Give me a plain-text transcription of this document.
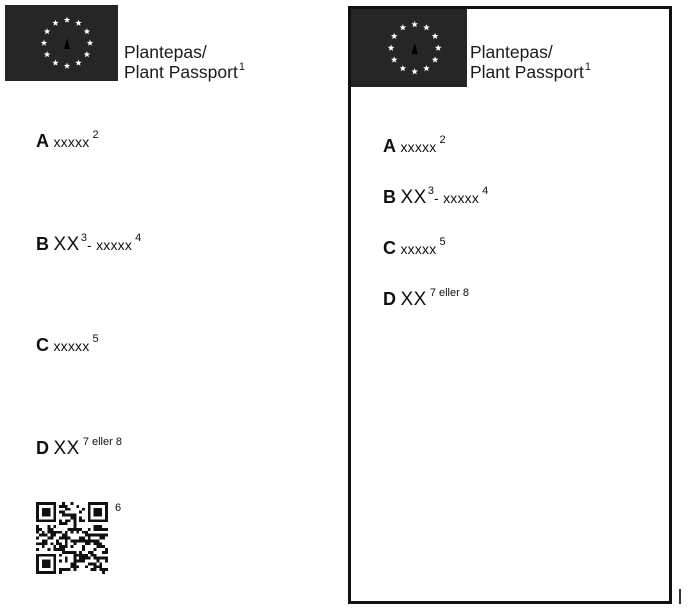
Plantepas/
Plant Passport$^1$
A xxxxx $^2$
B XX$^3$- xxxxx $^4$
C xxxxx $^5$
D XX $^{7 eller 8}$
6
Plantepas/
Plant Passport$^1$
A xxxxx $^2$
B XX$^3$- xxxxx $^4$
C xxxxx $^5$
D XX $^{7 eller 8}$
